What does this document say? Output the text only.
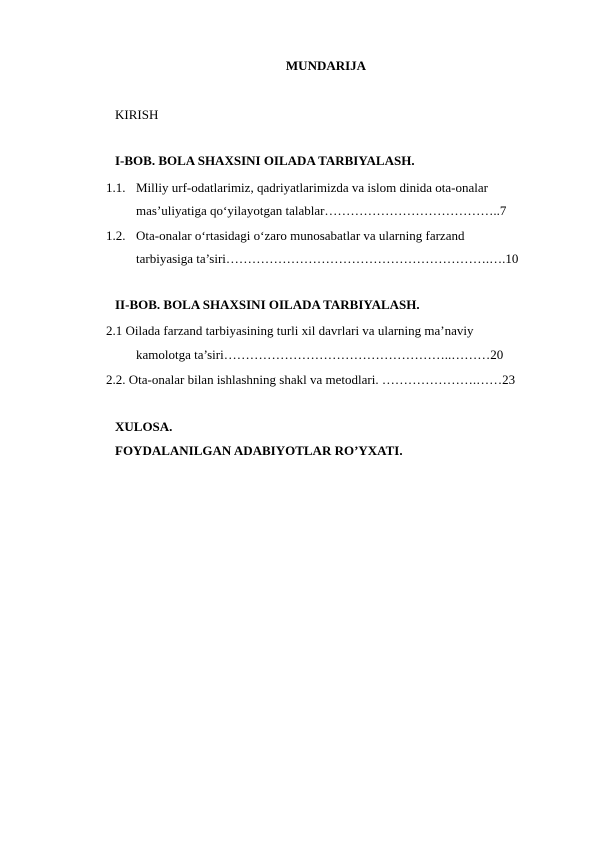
MUNDARIJA
KIRISH
I-BOB. BOLA SHAXSINI OILADA TARBIYALASH.
1.1. Milliy urf-odatlarimiz, qadriyatlarimizda va islom dinida ota-onalar
mas’uliyatiga qo‘yilayotgan talablar…………………………………..7
1.2. Ota-onalar o‘rtasidagi o‘zaro munosabatlar va ularning farzand
tarbiyasiga ta’siri…………………………………………………….….10
II-BOB. BOLA SHAXSINI OILADA TARBIYALASH.
2.1 Oilada farzand tarbiyasining turli xil davrlari va ularning ma’naviy
kamolotga ta’siri……………………………………………..………20
2.2. Ota-onalar bilan ishlashning shakl va metodlari. ………………….……23
XULOSA.
FOYDALANILGAN ADABIYOTLAR RO’YXATI.
